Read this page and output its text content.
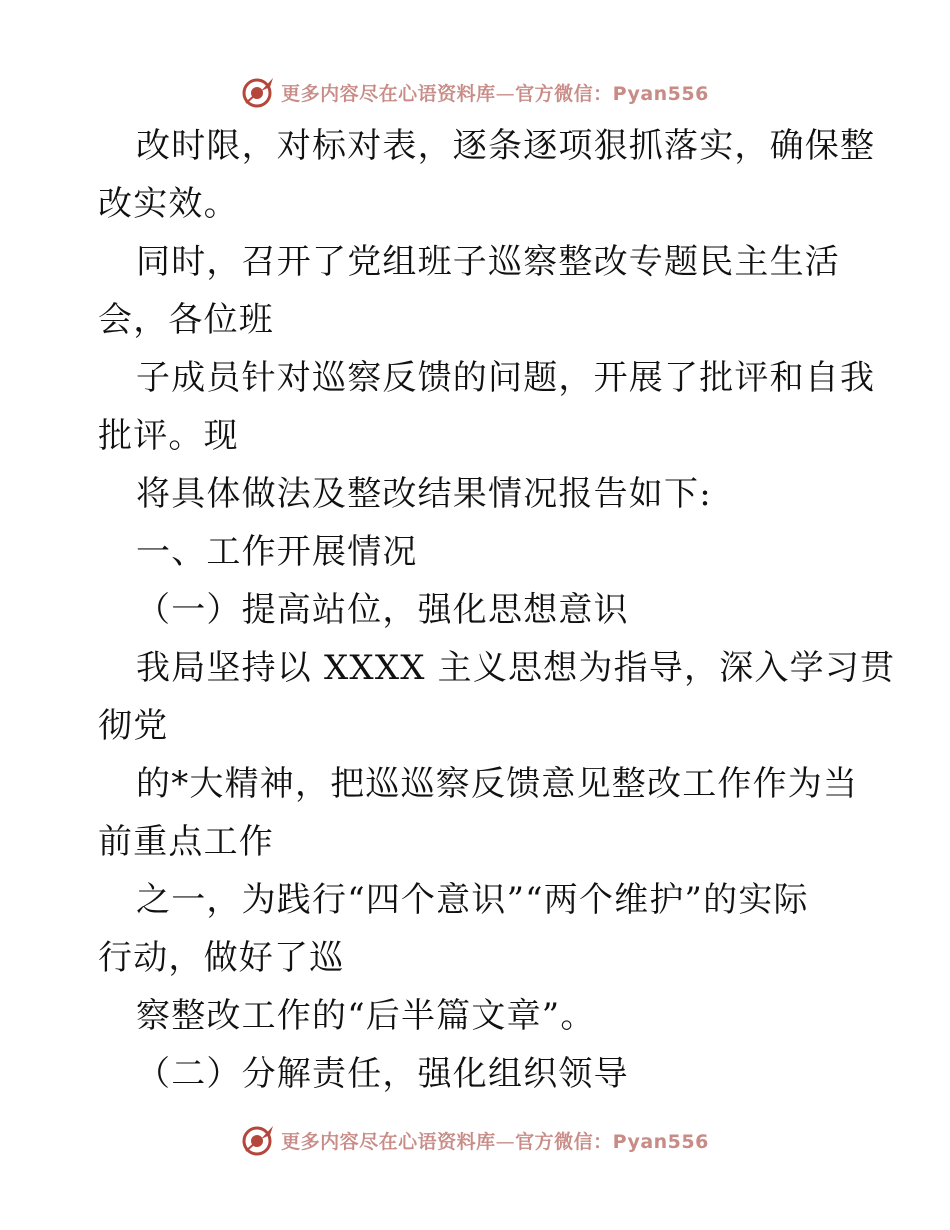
更多内容尽在心语资料库—官方微信：Pyan556
改时限，对标对表，逐条逐项狠抓落实，确保整
改实效。
同时，召开了党组班子巡察整改专题民主生活
会，各位班
子成员针对巡察反馈的问题，开展了批评和自我
批评。现
将具体做法及整改结果情况报告如下:
一、工作开展情况
（一）提高站位，强化思想意识
我局坚持以 XXXX 主义思想为指导，深入学习贯
彻党
的*大精神，把巡巡察反馈意见整改工作作为当
前重点工作
之一，为践行“四个意识”“两个维护”的实际
行动，做好了巡
察整改工作的“后半篇文章”。
（二）分解责任，强化组织领导
更多内容尽在心语资料库—官方微信：Pyan556
